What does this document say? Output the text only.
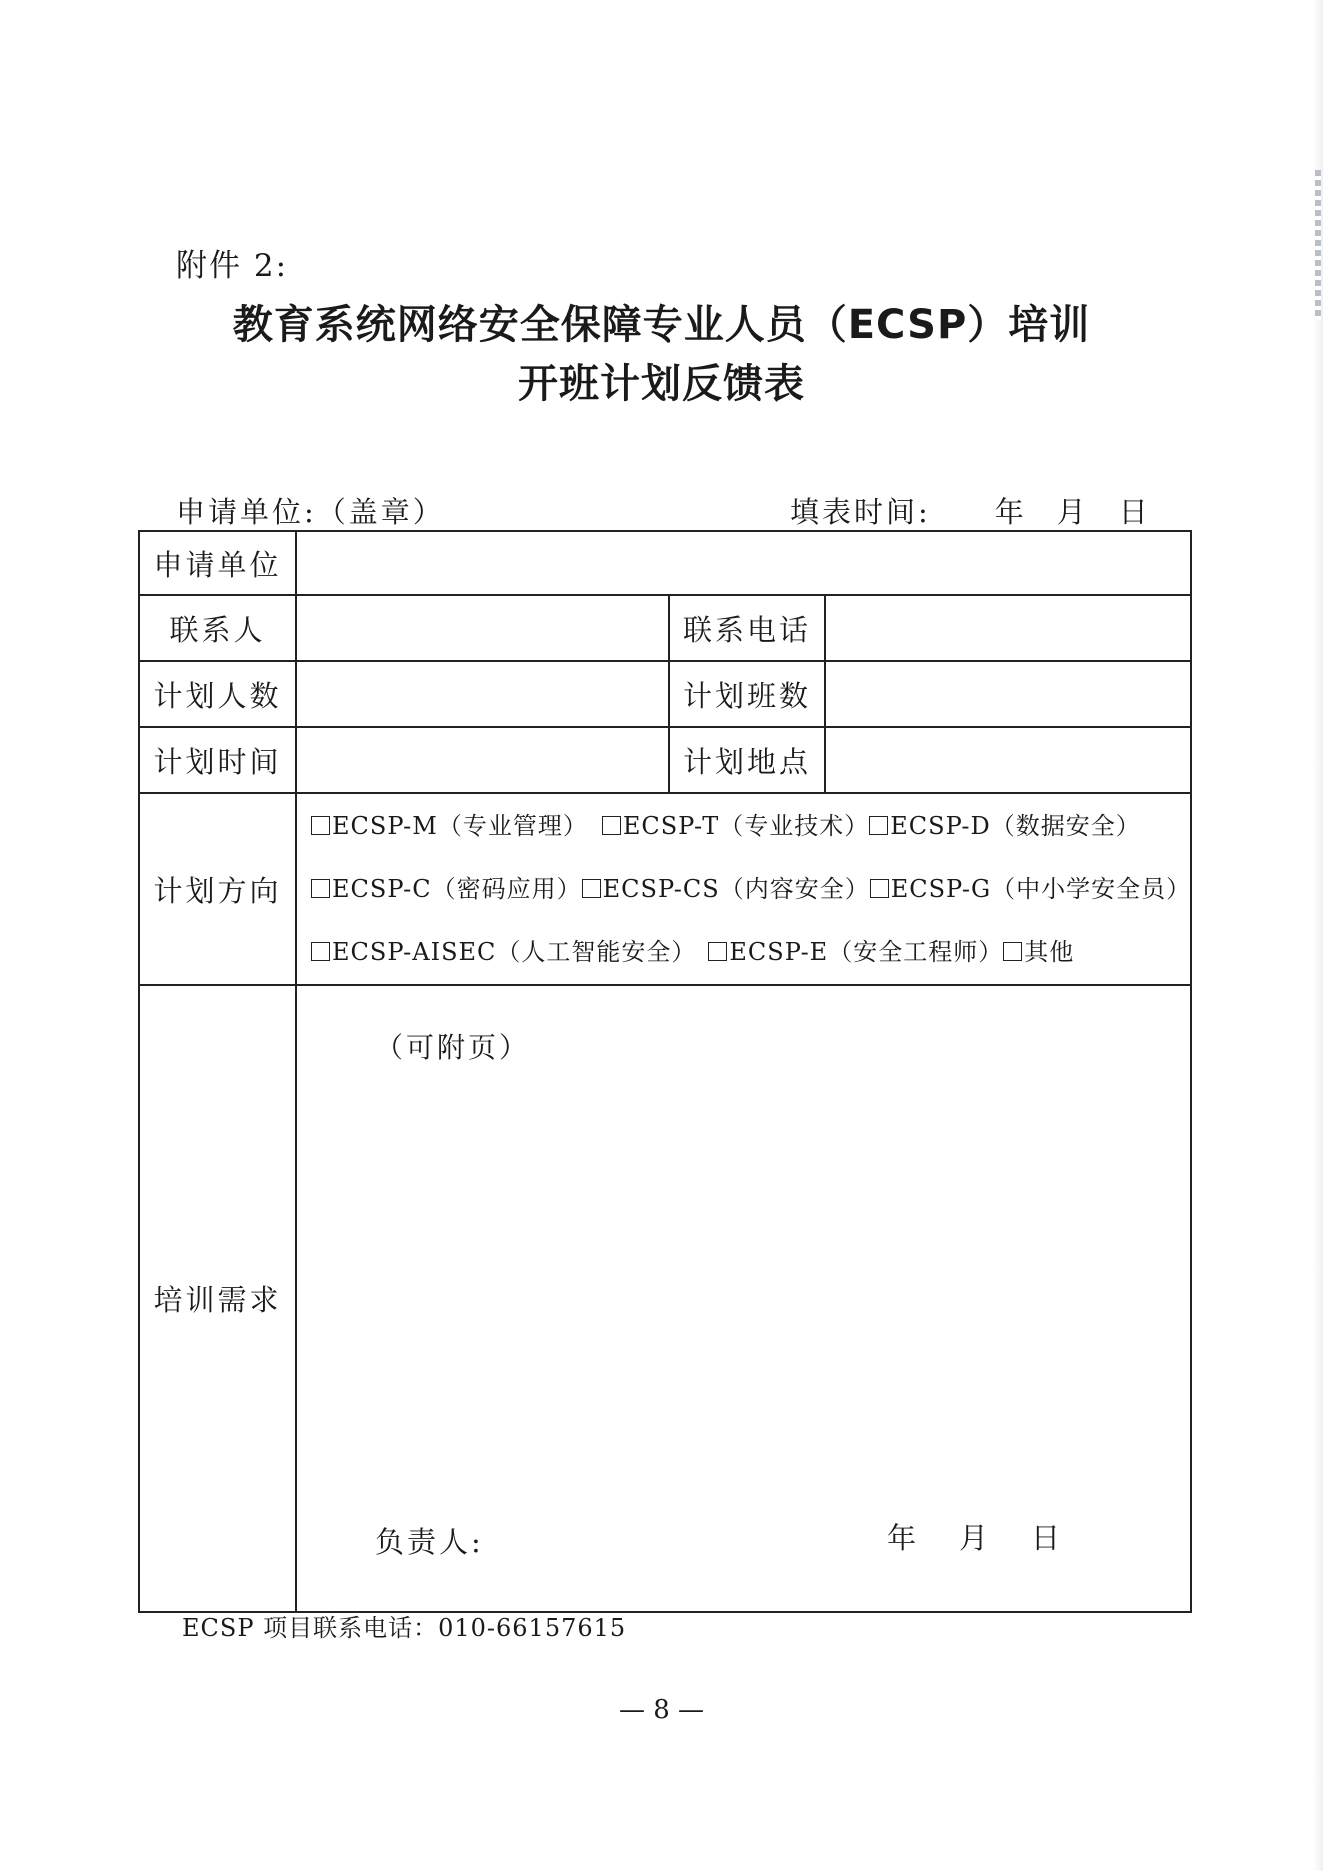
附件 2:
教育系统网络安全保障专业人员（ECSP）培训
开班计划反馈表
申请单位:（盖章）	填表时间: 年 月 日
申请单位			
联系人		联系电话	
计划人数		计划班数	
计划时间		计划地点	
计划方向	ECSP-M（专业管理） ECSP-T（专业技术） ECSP-D（数据安全）
ECSP-C（密码应用） ECSP-CS（内容安全） ECSP-G（中小学安全员）
ECSP-AISEC（人工智能安全） ECSP-E（安全工程师） 其他		

培训需求	（可附页）
负责人: 年 月 日		
ECSP 项目联系电话：010-66157615
— 8 —
